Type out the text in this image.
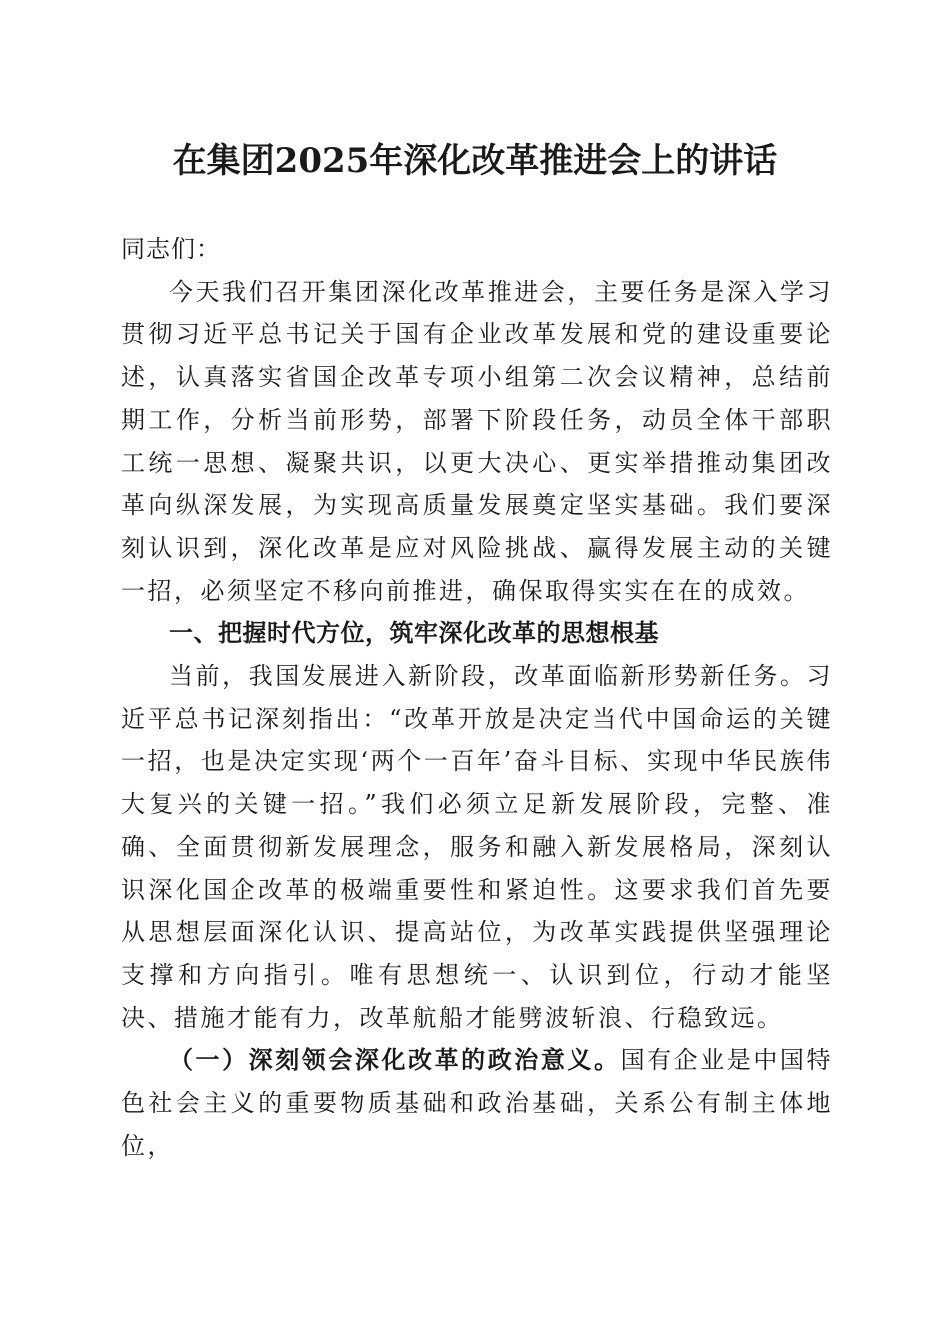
在集团2025年深化改革推进会上的讲话

同志们：

今天我们召开集团深化改革推进会，主要任务是深入学习贯彻习近平总书记关于国有企业改革发展和党的建设重要论述，认真落实省国企改革专项小组第二次会议精神，总结前期工作，分析当前形势，部署下阶段任务，动员全体干部职工统一思想、凝聚共识，以更大决心、更实举措推动集团改革向纵深发展，为实现高质量发展奠定坚实基础。我们要深刻认识到，深化改革是应对风险挑战、赢得发展主动的关键一招，必须坚定不移向前推进，确保取得实实在在的成效。

一、把握时代方位，筑牢深化改革的思想根基

当前，我国发展进入新阶段，改革面临新形势新任务。习近平总书记深刻指出：“改革开放是决定当代中国命运的关键一招，也是决定实现‘两个一百年’奋斗目标、实现中华民族伟大复兴的关键一招。”我们必须立足新发展阶段，完整、准确、全面贯彻新发展理念，服务和融入新发展格局，深刻认识深化国企改革的极端重要性和紧迫性。这要求我们首先要从思想层面深化认识、提高站位，为改革实践提供坚强理论支撑和方向指引。唯有思想统一、认识到位，行动才能坚决、措施才能有力，改革航船才能劈波斩浪、行稳致远。

（一）深刻领会深化改革的政治意义。国有企业是中国特色社会主义的重要物质基础和政治基础，关系公有制主体地位，
